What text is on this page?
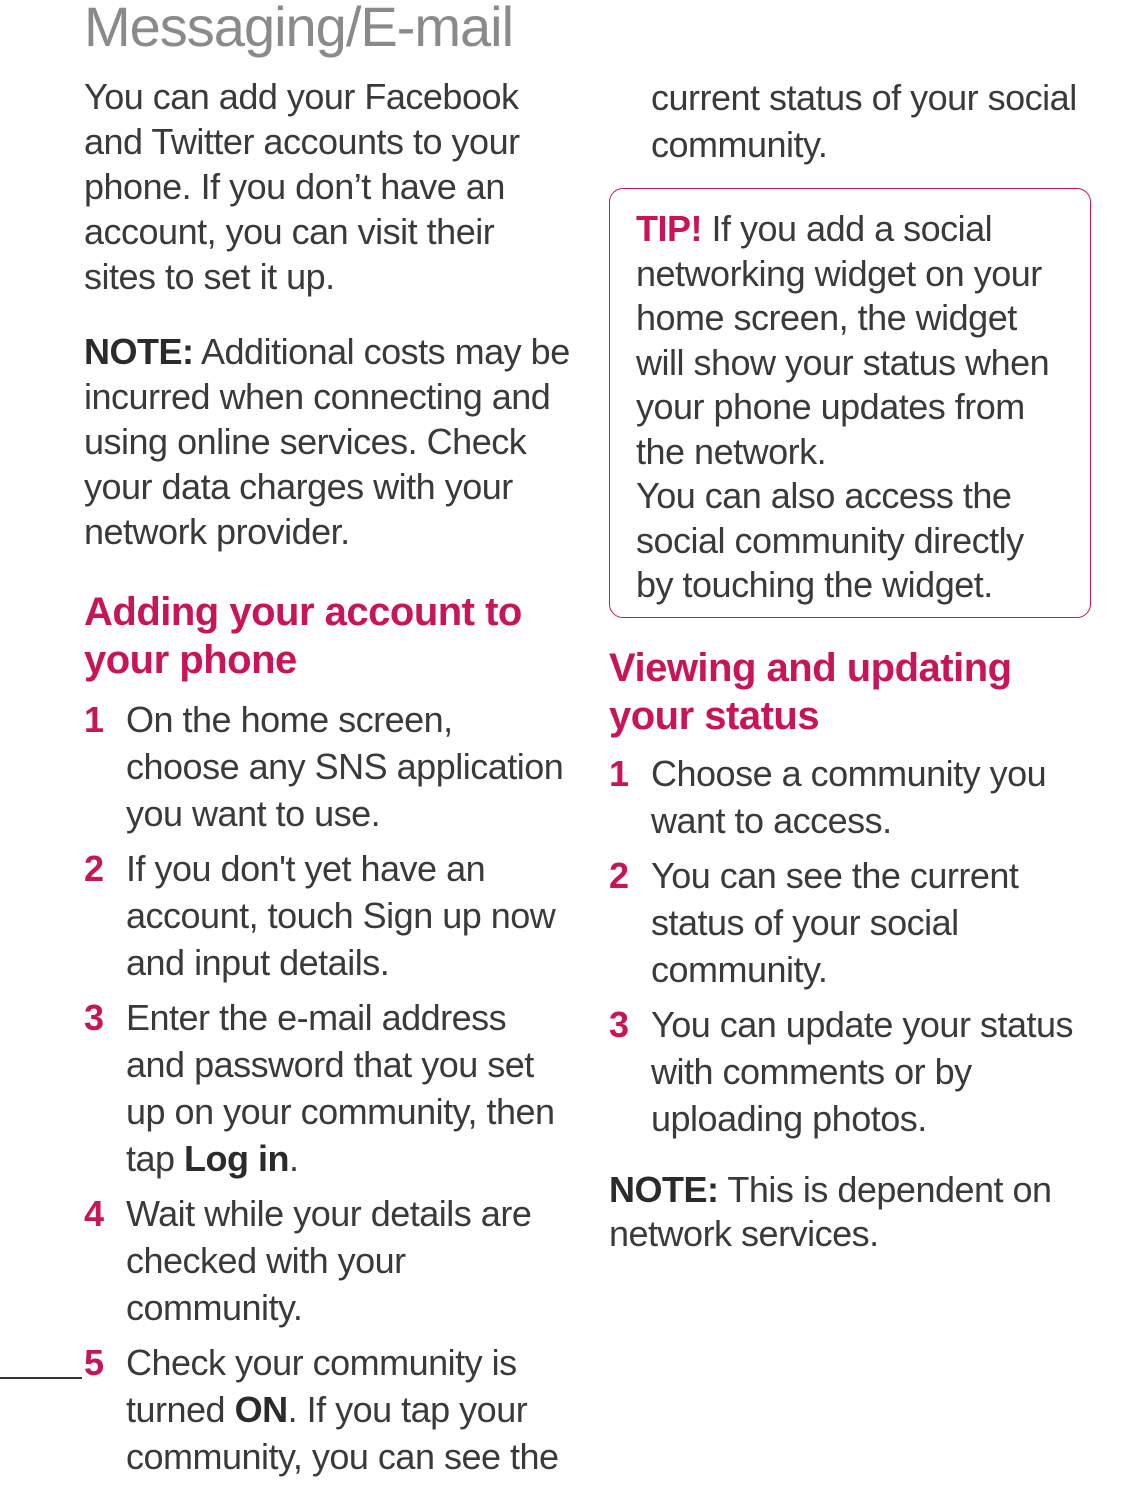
Messaging/E-mail

You can add your Facebook and Twitter accounts to your phone. If you don’t have an account, you can visit their sites to set it up.

NOTE: Additional costs may be incurred when connecting and using online services. Check your data charges with your network provider.

Adding your account to your phone
1 On the home screen, choose any SNS application you want to use.
2 If you don't yet have an account, touch Sign up now and input details.
3 Enter the e-mail address and password that you set up on your community, then tap Log in.
4 Wait while your details are checked with your community.
5 Check your community is turned ON. If you tap your community, you can see the

current status of your social community.

TIP! If you add a social networking widget on your home screen, the widget will show your status when your phone updates from the network.

You can also access the social community directly by touching the widget.

Viewing and updating your status
1 Choose a community you want to access.
2 You can see the current status of your social community.
3 You can update your status with comments or by uploading photos.

NOTE: This is dependent on network services.
